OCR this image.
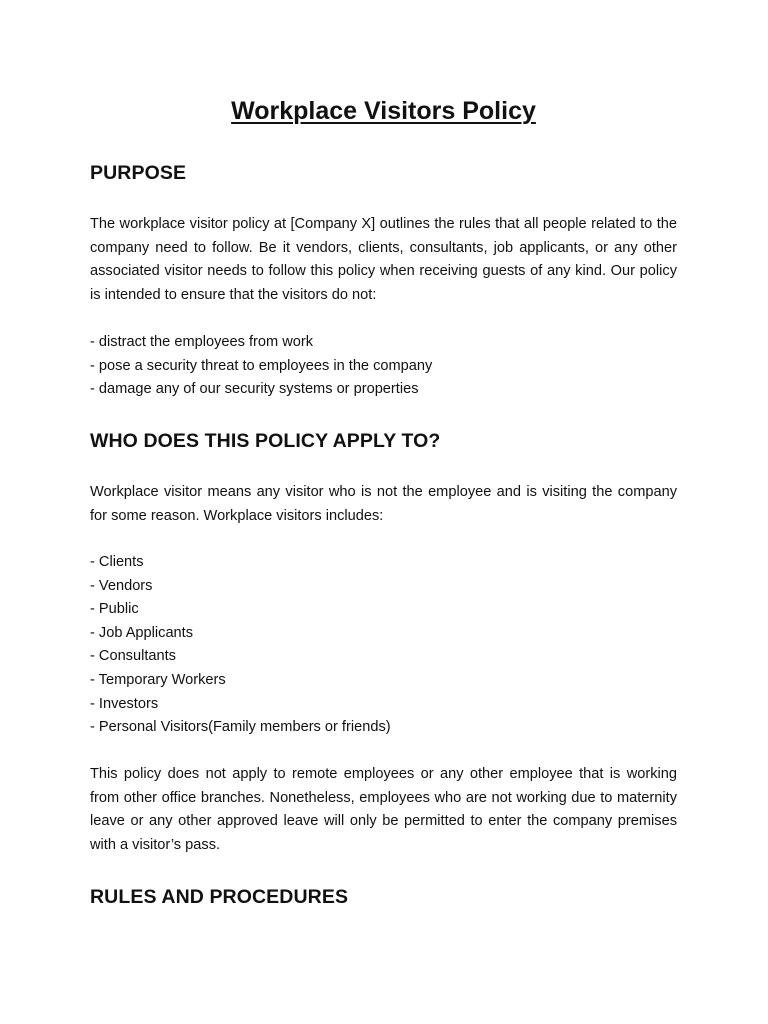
Workplace Visitors Policy
PURPOSE

The workplace visitor policy at [Company X] outlines the rules that all people related to the company need to follow. Be it vendors, clients, consultants, job applicants, or any other associated visitor needs to follow this policy when receiving guests of any kind. Our policy is intended to ensure that the visitors do not:

- distract the employees from work
- pose a security threat to employees in the company
- damage any of our security systems or properties
WHO DOES THIS POLICY APPLY TO?

Workplace visitor means any visitor who is not the employee and is visiting the company for some reason. Workplace visitors includes:

- Clients
- Vendors
- Public
- Job Applicants
- Consultants
- Temporary Workers
- Investors
- Personal Visitors(Family members or friends)

This policy does not apply to remote employees or any other employee that is working from other office branches. Nonetheless, employees who are not working due to maternity leave or any other approved leave will only be permitted to enter the company premises with a visitor’s pass.

RULES AND PROCEDURES
